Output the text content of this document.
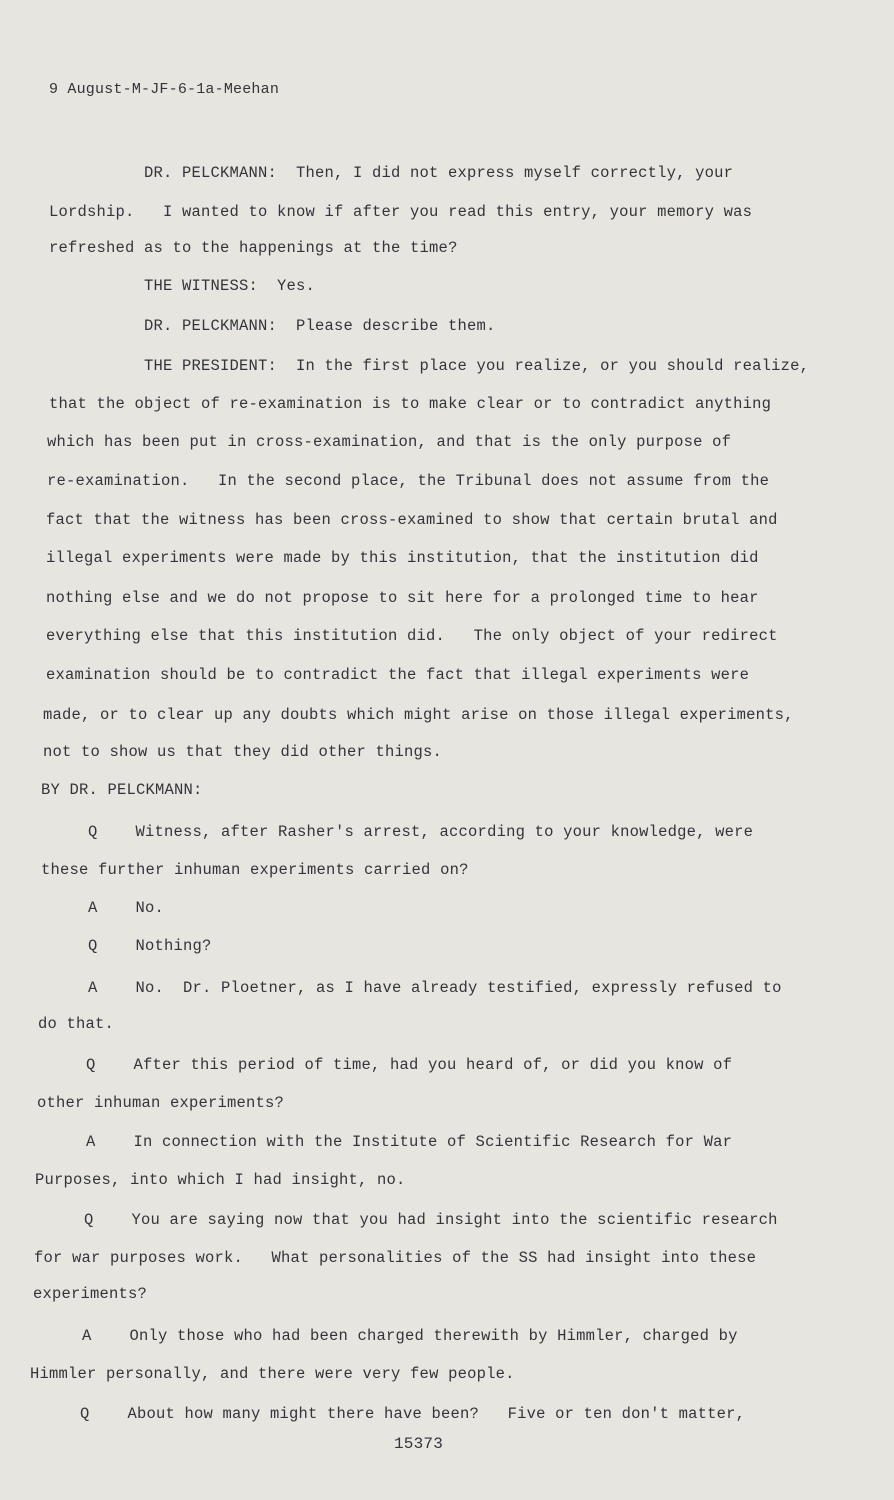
9 August-M-JF-6-1a-Meehan
DR. PELCKMANN:  Then, I did not express myself correctly, your
Lordship.   I wanted to know if after you read this entry, your memory was
refreshed as to the happenings at the time?
THE WITNESS:  Yes.
DR. PELCKMANN:  Please describe them.
THE PRESIDENT:  In the first place you realize, or you should realize,
that the object of re-examination is to make clear or to contradict anything
which has been put in cross-examination, and that is the only purpose of
re-examination.   In the second place, the Tribunal does not assume from the
fact that the witness has been cross-examined to show that certain brutal and
illegal experiments were made by this institution, that the institution did
nothing else and we do not propose to sit here for a prolonged time to hear
everything else that this institution did.   The only object of your redirect
examination should be to contradict the fact that illegal experiments were
made, or to clear up any doubts which might arise on those illegal experiments,
not to show us that they did other things.
BY DR. PELCKMANN:
Q    Witness, after Rasher's arrest, according to your knowledge, were
these further inhuman experiments carried on?
A    No.
Q    Nothing?
A    No.  Dr. Ploetner, as I have already testified, expressly refused to
do that.
Q    After this period of time, had you heard of, or did you know of
other inhuman experiments?
A    In connection with the Institute of Scientific Research for War
Purposes, into which I had insight, no.
Q    You are saying now that you had insight into the scientific research
for war purposes work.   What personalities of the SS had insight into these
experiments?
A    Only those who had been charged therewith by Himmler, charged by
Himmler personally, and there were very few people.
Q    About how many might there have been?   Five or ten don't matter,
15373
